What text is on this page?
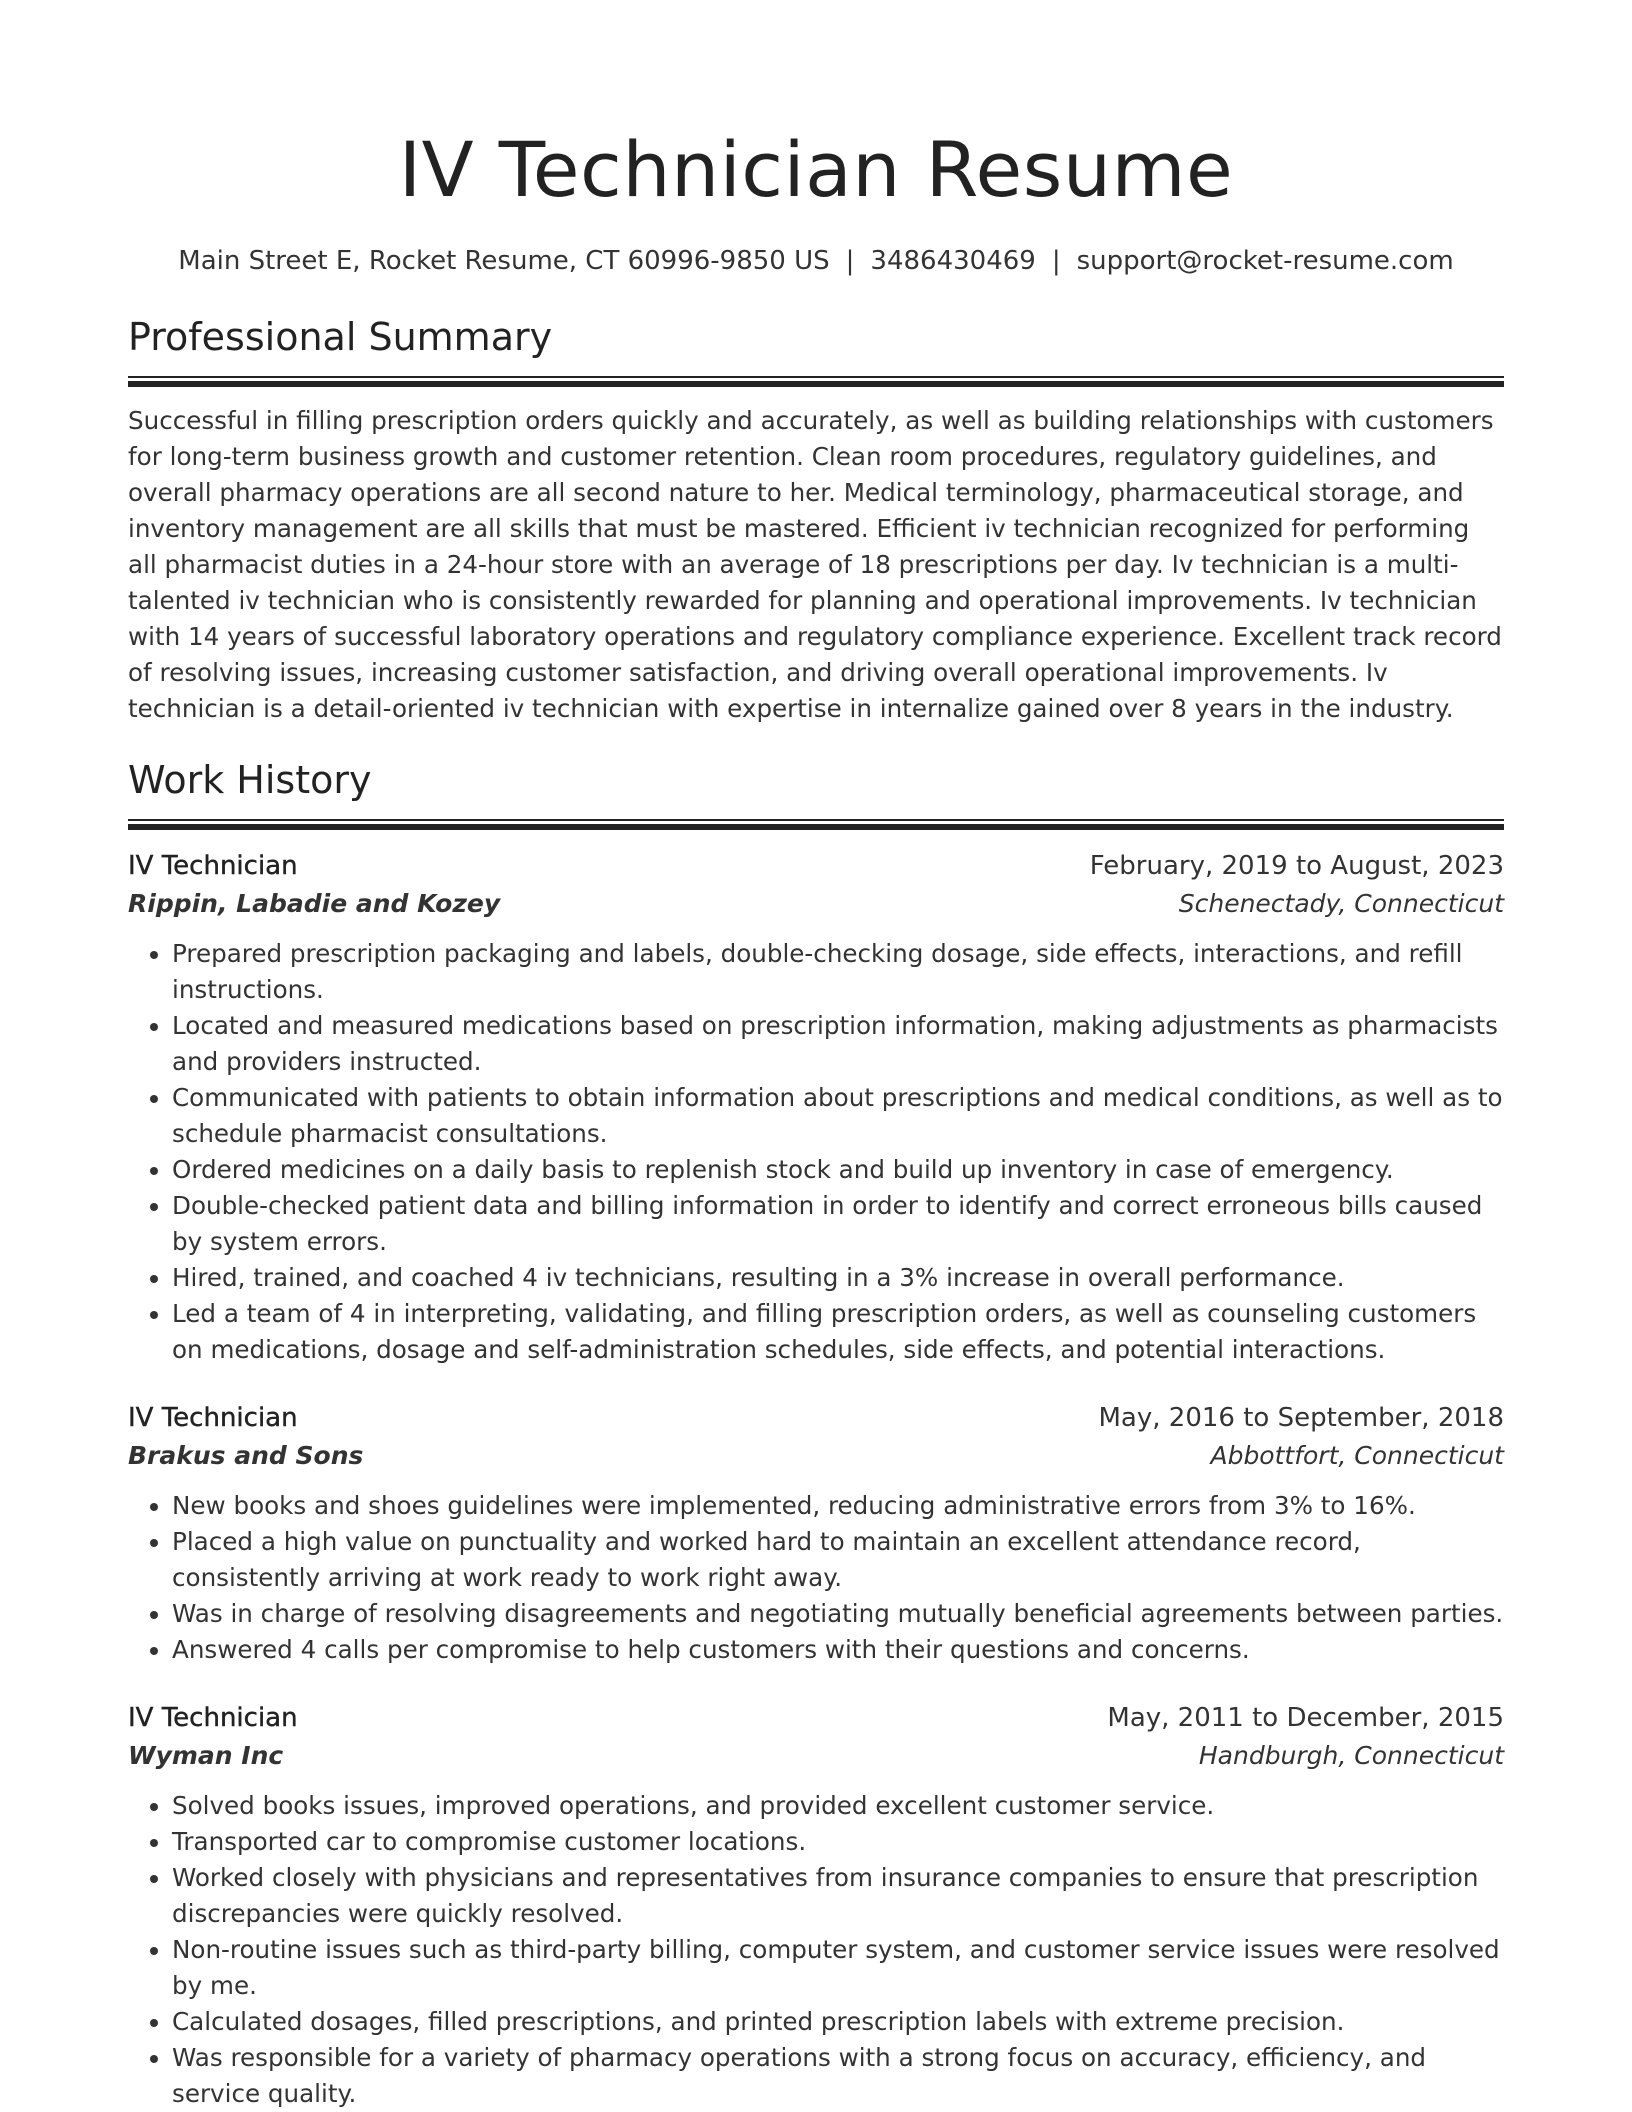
IV Technician Resume
Main Street E, Rocket Resume, CT 60996-9850 US | 3486430469 | support@rocket-resume.com
Professional Summary

Successful in filling prescription orders quickly and accurately, as well as building relationships with customers for long-term business growth and customer retention. Clean room procedures, regulatory guidelines, and overall pharmacy operations are all second nature to her. Medical terminology, pharmaceutical storage, and inventory management are all skills that must be mastered. Efficient iv technician recognized for performing all pharmacist duties in a 24-hour store with an average of 18 prescriptions per day. Iv technician is a multi-talented iv technician who is consistently rewarded for planning and operational improvements. Iv technician with 14 years of successful laboratory operations and regulatory compliance experience. Excellent track record of resolving issues, increasing customer satisfaction, and driving overall operational improvements. Iv technician is a detail-oriented iv technician with expertise in internalize gained over 8 years in the industry.

Work History
IV Technician	February, 2019 to August, 2023
Rippin, Labadie and Kozey	Schenectady, Connecticut
• Prepared prescription packaging and labels, double-checking dosage, side effects, interactions, and refill instructions.
• Located and measured medications based on prescription information, making adjustments as pharmacists and providers instructed.
• Communicated with patients to obtain information about prescriptions and medical conditions, as well as to schedule pharmacist consultations.
• Ordered medicines on a daily basis to replenish stock and build up inventory in case of emergency.
• Double-checked patient data and billing information in order to identify and correct erroneous bills caused by system errors.
• Hired, trained, and coached 4 iv technicians, resulting in a 3% increase in overall performance.
• Led a team of 4 in interpreting, validating, and filling prescription orders, as well as counseling customers on medications, dosage and self-administration schedules, side effects, and potential interactions.
IV Technician	May, 2016 to September, 2018
Brakus and Sons	Abbottfort, Connecticut
• New books and shoes guidelines were implemented, reducing administrative errors from 3% to 16%.
• Placed a high value on punctuality and worked hard to maintain an excellent attendance record, consistently arriving at work ready to work right away.
• Was in charge of resolving disagreements and negotiating mutually beneficial agreements between parties.
• Answered 4 calls per compromise to help customers with their questions and concerns.
IV Technician	May, 2011 to December, 2015
Wyman Inc	Handburgh, Connecticut
• Solved books issues, improved operations, and provided excellent customer service.
• Transported car to compromise customer locations.
• Worked closely with physicians and representatives from insurance companies to ensure that prescription discrepancies were quickly resolved.
• Non-routine issues such as third-party billing, computer system, and customer service issues were resolved by me.
• Calculated dosages, filled prescriptions, and printed prescription labels with extreme precision.
• Was responsible for a variety of pharmacy operations with a strong focus on accuracy, efficiency, and service quality.
